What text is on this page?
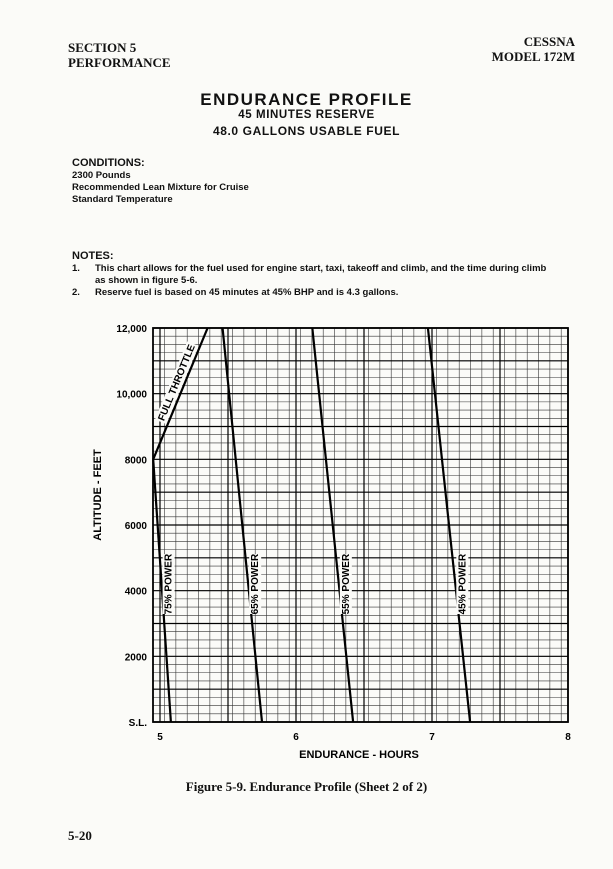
SECTION 5
PERFORMANCE
CESSNA
MODEL 172M
ENDURANCE PROFILE
45 MINUTES RESERVE
48.0 GALLONS USABLE FUEL
CONDITIONS:
2300 Pounds
Recommended Lean Mixture for Cruise
Standard Temperature
NOTES:
1.	This chart allows for the fuel used for engine start, taxi, takeoff and climb, and the time during climb as shown in figure 5-6.
2.	Reserve fuel is based on 45 minutes at 45% BHP and is 4.3 gallons.
75% POWER
FULL THROTTLE
65% POWER	55% POWER	45% POWER
S.L.
2000
4000
6000
8000
10,000
12,000
5	6	7	8
ENDURANCE - HOURS
ALTITUDE - FEET
Figure 5-9. Endurance Profile (Sheet 2 of 2)
5-20
